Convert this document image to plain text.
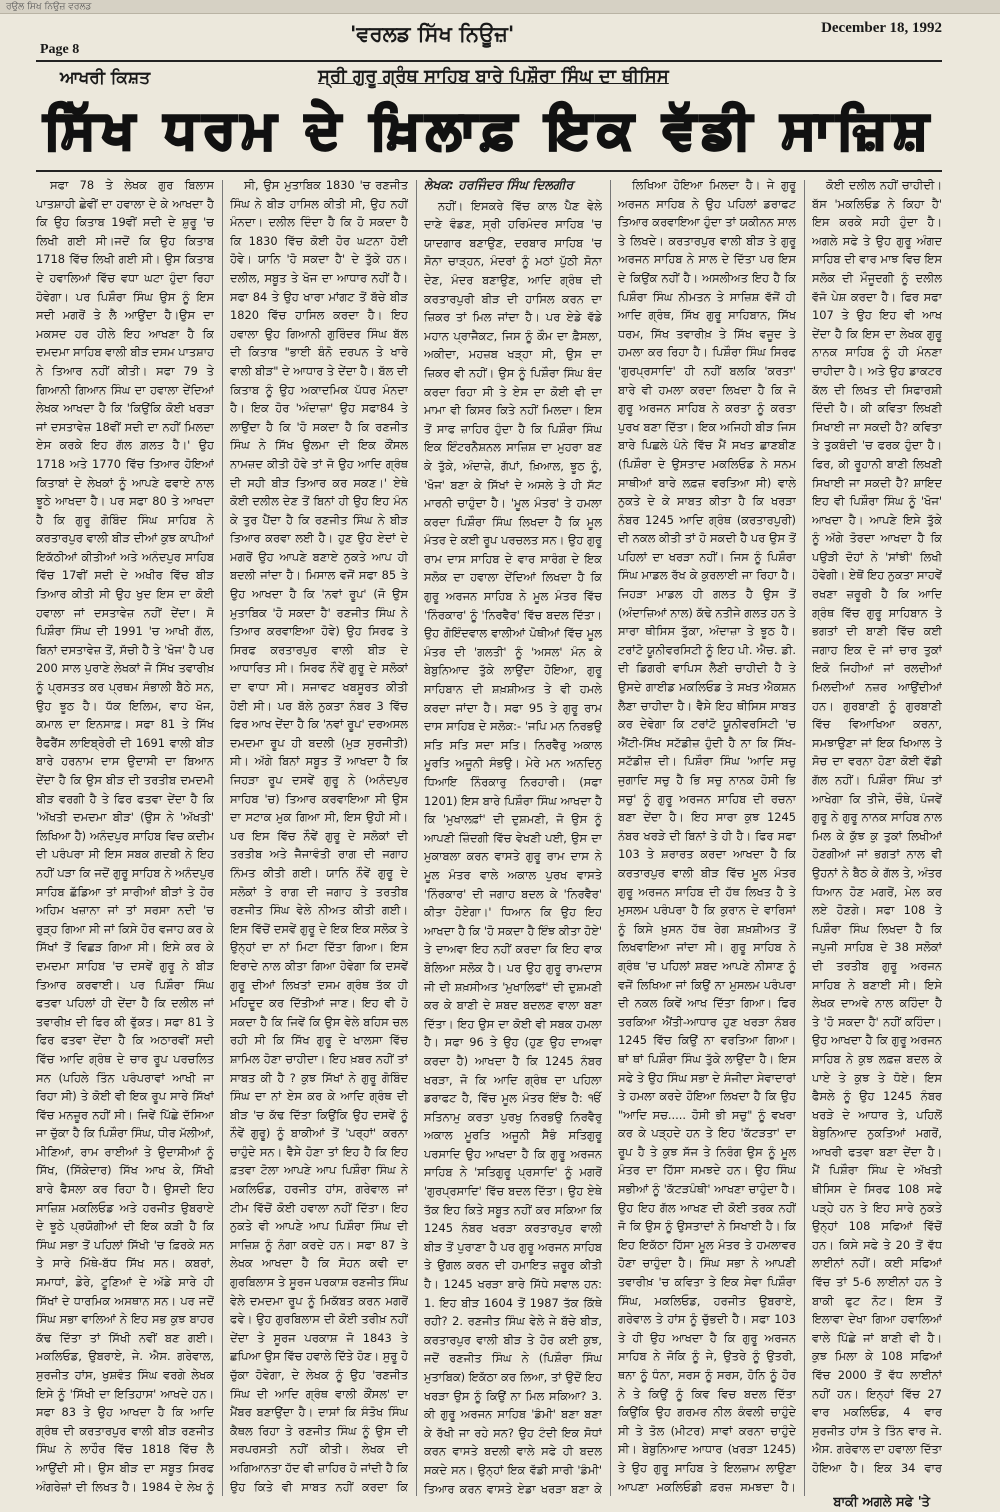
ਰਉਲ ਸਿਖ ਨਿਉਜ਼ ਵਰਲਡ
Page 8
'ਵਰਲਡ ਸਿੱਖ ਨਿਊਜ਼'	December 18, 1992
ਆਖਰੀ ਕਿਸ਼ਤ	ਸ੍ਰੀ ਗੁਰੂ ਗ੍ਰੰਥ ਸਾਹਿਬ ਬਾਰੇ ਪਿਸ਼ੌਰਾ ਸਿੰਘ ਦਾ ਥੀਸਿਸ
ਸਿੱਖ ਧਰਮ ਦੇ ਖ਼ਿਲਾਫ਼ ਇਕ ਵੱਡੀ ਸਾਜ਼ਿਸ਼

ਸਫਾ 78 ਤੇ ਲੇਖਕ ਗੁਰ ਬਿਲਾਸ ਪਾਤਸ਼ਾਹੀ ਛੇਵੀਂ ਦਾ ਹਵਾਲਾ ਦੇ ਕੇ ਆਖਦਾ ਹੈ ਕਿ ਉਹ ਕਿਤਾਬ 19ਵੀਂ ਸਦੀ ਦੇ ਸ਼ੁਰੂ 'ਚ ਲਿਖੀ ਗਈ ਸੀ।ਜਦੋਂ ਕਿ ਉਹ ਕਿਤਾਬ 1718 ਵਿੱਚ ਲਿਖੀ ਗਈ ਸੀ। ਉਸ ਕਿਤਾਬ ਦੇ ਹਵਾਲਿਆਂ ਵਿੱਚ ਵਧਾ ਘਟਾ ਹੁੰਦਾ ਰਿਹਾ ਹੋਵੇਗਾ। ਪਰ ਪਿਸ਼ੌਰਾ ਸਿੰਘ ਉਸ ਨੂੰ ਇਸ ਸਦੀ ਮਗਰੋਂ ਤੇ ਲੈ ਆਉਂਦਾ ਹੈ।ਉਸ ਦਾ ਮਕਸਦ ਹਰ ਹੀਲੇ ਇਹ ਆਖਣਾ ਹੈ ਕਿ ਦਮਦਮਾ ਸਾਹਿਬ ਵਾਲੀ ਬੀੜ ਦਸਮ ਪਾਤਸ਼ਾਹ ਨੇ ਤਿਆਰ ਨਹੀਂ ਕੀਤੀ। ਸਫਾ 79 ਤੇ ਗਿਆਨੀ ਗਿਆਨ ਸਿੰਘ ਦਾ ਹਵਾਲਾ ਦੇਂਦਿਆਂ ਲੇਖਕ ਆਖਦਾ ਹੈ ਕਿ 'ਕਿਉਂਕਿ ਕੋਈ ਖਰੜਾ ਜਾਂ ਦਸਤਾਵੇਜ਼ 18ਵੀਂ ਸਦੀ ਦਾ ਨਹੀਂ ਮਿਲਦਾ ਏਸ ਕਰਕੇ ਇਹ ਗੱਲ ਗ਼ਲਤ ਹੈ।' ਉਹ 1718 ਅਤੇ 1770 ਵਿੱਚ ਤਿਆਰ ਹੋਇਆਂ ਕਿਤਾਬਾਂ ਦੇ ਲੇਖਕਾਂ ਨੂੰ ਆਪਣੇ ਫਵਾਏ ਨਾਲ ਝੂਠੇ ਆਖਦਾ ਹੈ। ਪਰ ਸਫਾ 80 ਤੇ ਆਖਦਾ ਹੈ ਕਿ ਗੁਰੂ ਗੋਬਿੰਦ ਸਿੰਘ ਸਾਹਿਬ ਨੇ ਕਰਤਾਰਪੁਰ ਵਾਲੀ ਬੀੜ ਦੀਆਂ ਕੁਝ ਕਾਪੀਆਂ ਇਕੱਠੀਆਂ ਕੀਤੀਆਂ ਅਤੇ ਅਨੰਦਪੁਰ ਸਾਹਿਬ ਵਿੱਚ 17ਵੀਂ ਸਦੀ ਦੇ ਅਖੀਰ ਵਿੱਚ ਬੀੜ ਤਿਆਰ ਕੀਤੀ ਸੀ ਉਹ ਖੁਦ ਇਸ ਦਾ ਕੋਈ ਹਵਾਲਾ ਜਾਂ ਦਸਤਾਵੇਜ਼ ਨਹੀਂ ਦੇਂਦਾ। ਸੋ ਪਿਸ਼ੌਰਾ ਸਿੰਘ ਦੀ 1991 'ਚ ਆਖੀ ਗੱਲ, ਬਿਨਾਂ ਦਸਤਾਵੇਜ਼ ਤੋਂ, ਸੱਚੀ ਹੈ ਤੇ 'ਖੋਜ' ਹੈ ਪਰ 200 ਸਾਲ ਪੁਰਾਣੇ ਲੇਖਕਾਂ ਜੋ ਸਿੱਖ ਤਵਾਰੀਖ਼ ਨੂੰ ਪ੍ਰਸਤਤ ਕਰ ਪ੍ਰਥਮ ਸੰਭਾਲੀ ਬੈਠੇ ਸਨ, ਉਹ ਝੂਠ ਹੈ। ਧੱਕ ਇਲਿਮ, ਵਾਹ ਖੋਜ, ਕਮਾਲ ਦਾ ਇਨਸਾਫ਼। ਸਫਾ 81 ਤੇ ਸਿੱਖ ਰੈਫਰੈਂਸ ਲਾਇਬ੍ਰੇਰੀ ਦੀ 1691 ਵਾਲੀ ਬੀੜ ਬਾਰੇ ਹਰਨਾਮ ਦਾਸ ਉਦਾਸੀ ਦਾ ਬਿਆਨ ਦੇਂਦਾ ਹੈ ਕਿ ਉਸ ਬੀੜ ਦੀ ਤਰਤੀਬ ਦਮਦਮੀ ਬੀੜ ਵਰਗੀ ਹੈ ਤੇ ਫਿਰ ਫਤਵਾ ਦੇਂਦਾ ਹੈ ਕਿ 'ਅੱਖਤੀ ਦਮਦਮਾ ਬੀੜ' (ਉਸ ਨੇ 'ਅੱਖਤੀ' ਲਿਖਿਆ ਹੈ) ਅਨੰਦਪੁਰ ਸਾਹਿਬ ਵਿਚ ਕਦੀਮ ਦੀ ਪਰੰਪਰਾ ਸੀ ਇਸ ਸਬਕ ਗਦਬੀ ਨੇ ਇਹ ਨਹੀਂ ਪੜਾ ਕਿ ਜਦੋਂ ਗੁਰੂ ਸਾਹਿਬ ਨੇ ਅਨੰਦਪੁਰ ਸਾਹਿਬ ਛੱਡਿਆ ਤਾਂ ਸਾਰੀਆਂ ਬੀੜਾਂ ਤੇ ਹੋਰ ਅਹਿਮ ਖਜ਼ਾਨਾ ਜਾਂ ਤਾਂ ਸਰਸਾ ਨਦੀ 'ਚ ਰੁੜ੍ਹ ਗਿਆ ਸੀ ਜਾਂ ਕਿਸੇ ਹੋਰ ਵਜਾਹ ਕਰ ਕੇ ਸਿੱਖਾਂ ਤੋਂ ਵਿਛੜ ਗਿਆ ਸੀ। ਇਸੇ ਕਰ ਕੇ ਦਮਦਮਾ ਸਾਹਿਬ 'ਚ ਦਸਵੇਂ ਗੁਰੂ ਨੇ ਬੀੜ ਤਿਆਰ ਕਰਵਾਈ। ਪਰ ਪਿਸ਼ੌਰਾ ਸਿੰਘ ਫਤਵਾ ਪਹਿਲਾਂ ਹੀ ਦੇਂਦਾ ਹੈ ਕਿ ਦਲੀਲ ਜਾਂ ਤਵਾਰੀਖ਼ ਦੀ ਫਿਰ ਕੀ ਵੁੱਕਤ। ਸਫਾ 81 ਤੇ ਫਿਰ ਫਤਵਾ ਦੇਂਦਾ ਹੈ ਕਿ ਅਠਾਰਵੀਂ ਸਦੀ ਵਿੱਚ ਆਦਿ ਗ੍ਰੰਥ ਦੇ ਚਾਰ ਰੂਪ ਪਰਚਲਿਤ ਸਨ (ਪਹਿਲੇ ਤਿੰਨ ਪਰੰਪਰਾਵਾਂ ਆਖੀ ਜਾ ਰਿਹਾ ਸੀ) ਤੇ ਕੋਈ ਵੀ ਇਕ ਰੂਪ ਸਾਰੇ ਸਿੱਖਾਂ ਵਿੱਚ ਮਨਜ਼ੂਰ ਨਹੀਂ ਸੀ। ਜਿਵੇਂ ਪਿੱਛੇ ਦੱਸਿਆ ਜਾ ਚੁੱਕਾ ਹੈ ਕਿ ਪਿਸ਼ੌਰਾ ਸਿੰਘ, ਧੀਰ ਮੱਲੀਆਂ, ਮੀਣਿਆਂ, ਰਾਮ ਰਾਈਆਂ ਤੇ ਉਦਾਸੀਆਂ ਨੂੰ ਸਿੱਖ, (ਸਿੱਕੇਦਾਰ) ਸਿੱਖ ਆਖ ਕੇ, ਸਿੱਖੀ ਬਾਰੇ ਫੈਸਲਾ ਕਰ ਰਿਹਾ ਹੈ। ਉਸਦੀ ਇਹ ਸਾਜ਼ਿਸ਼ ਮਕਲਿਓਡ ਅਤੇ ਹਰਜੀਤ ਉਬਰਾਏ ਦੇ ਝੂਠੇ ਪ੍ਰਯੋਗੀਆਂ ਦੀ ਇਕ ਕੜੀ ਹੈ ਕਿ ਸਿੰਘ ਸਭਾ ਤੋਂ ਪਹਿਲਾਂ ਸਿੱਖੀ 'ਚ ਫ਼ਿਰਕੇ ਸਨ ਤੇ ਸਾਰੇ ਮਿੱਥੇ-ਬੱਧ ਸਿੱਖ ਸਨ। ਕਬਰਾਂ, ਸਮਾਧਾਂ, ਡੇਰੇ, ਟੂਣਿਆਂ ਦੇ ਅੱਡੇ ਸਾਰੇ ਹੀ ਸਿੱਖਾਂ ਦੇ ਧਾਰਮਿਕ ਅਸਥਾਨ ਸਨ। ਪਰ ਜਦੋਂ ਸਿੰਘ ਸਭਾ ਵਾਲਿਆਂ ਨੇ ਇਹ ਸਭ ਕੁਝ ਬਾਹਰ ਕੱਢ ਦਿੱਤਾ ਤਾਂ ਸਿੱਖੀ ਨਵੀਂ ਬਣ ਗਈ। ਮਕਲਿਓਡ, ਉਬਰਾਏ, ਜੇ. ਐਸ. ਗਰੇਵਾਲ, ਸੁਰਜੀਤ ਹਾਂਸ, ਖੁਸ਼ਵੰਤ ਸਿੰਘ ਵਰਗੇ ਲੇਖਕ ਇਸੇ ਨੂੰ 'ਸਿੱਖੀ ਦਾ ਇਤਿਹਾਸ' ਆਖਦੇ ਹਨ। ਸਫਾ 83 ਤੇ ਉਹ ਆਖਦਾ ਹੈ ਕਿ ਆਦਿ ਗ੍ਰੰਥ ਦੀ ਕਰਤਾਰਪੁਰ ਵਾਲੀ ਬੀੜ ਰਣਜੀਤ ਸਿੰਘ ਨੇ ਲਾਹੌਰ ਵਿੱਚ 1818 ਵਿੱਚ ਲੈ ਆਉਂਦੀ ਸੀ। ਉਸ ਬੀੜ ਦਾ ਸਬੂਤ ਸਿਰਫ ਅੰਗਰੇਜ਼ਾਂ ਦੀ ਲਿਖਤ ਹੈ। 1984 ਦੇ ਲੇਖ ਨੂੰ

ਸੀ, ਉਸ ਮੁਤਾਬਿਕ 1830 'ਚ ਰਣਜੀਤ ਸਿੰਘ ਨੇ ਬੀੜ ਹਾਸਿਲ ਕੀਤੀ ਸੀ, ਉਹ ਨਹੀਂ ਮੰਨਦਾ। ਦਲੀਲ ਦਿੰਦਾ ਹੈ ਕਿ ਹੋ ਸਕਦਾ ਹੈ ਕਿ 1830 ਵਿੱਚ ਕੋਈ ਹੋਰ ਘਟਨਾ ਹੋਈ ਹੋਵੇ। ਯਾਨਿ 'ਹੋ ਸਕਦਾ ਹੈ' ਦੇ ਤੁੱਕੇ ਹਨ। ਦਲੀਲ, ਸਬੂਤ ਤੇ ਖੋਜ ਦਾ ਆਧਾਰ ਨਹੀਂ ਹੈ। ਸਫਾ 84 ਤੇ ਉਹ ਖਾਰਾ ਮਾਂਗਟ ਤੋਂ ਬੱਚੇ ਬੀੜ 1820 ਵਿੱਚ ਹਾਸਿਲ ਕਰਦਾ ਹੈ। ਇਹ ਹਵਾਲਾ ਉਹ ਗਿਆਨੀ ਗੁਰਿੰਦਰ ਸਿੰਘ ਬੱਲ ਦੀ ਕਿਤਾਬ "ਭਾਈ ਬੰਨੋ ਦਰਪਨ ਤੇ ਖਾਰੇ ਵਾਲੀ ਬੀੜ" ਦੇ ਆਧਾਰ ਤੇ ਦੇਂਦਾ ਹੈ। ਬੱਲ ਦੀ ਕਿਤਾਬ ਨੂੰ ਉਹ ਅਕਾਦਮਿਕ ਪੱਧਰ ਮੰਨਦਾ ਹੈ। ਇਕ ਹੋਰ 'ਅੰਦਾਜ਼ਾ' ਉਹ ਸਫਾ84 ਤੇ ਲਾਉਂਦਾ ਹੈ ਕਿ 'ਹੋ ਸਕਦਾ ਹੈ ਕਿ ਰਣਜੀਤ ਸਿੰਘ ਨੇ ਸਿੱਖ ਉਲਮਾ ਦੀ ਇਕ ਕੌਂਸਲ ਨਾਮਜ਼ਦ ਕੀਤੀ ਹੋਵੇ ਤਾਂ ਜੋ ਉਹ ਆਦਿ ਗ੍ਰੰਥ ਦੀ ਸਹੀ ਬੀੜ ਤਿਆਰ ਕਰ ਸਕਣ।' ਏਥੇ ਕੋਈ ਦਲੀਲ ਦੇਣ ਤੋਂ ਬਿਨਾਂ ਹੀ ਉਹ ਇਹ ਮੰਨ ਕੇ ਤੁਰ ਪੈਂਦਾ ਹੈ ਕਿ ਰਣਜੀਤ ਸਿੰਘ ਨੇ ਬੀੜ ਤਿਆਰ ਕਰਵਾ ਲਈ ਹੈ। ਹੁਣ ਉਹ ਏਦਾਂ ਦੇ ਮਗਰੋਂ ਉਹ ਆਪਣੇ ਬਣਾਏ ਨੁਕਤੇ ਆਪ ਹੀ ਬਦਲੀ ਜਾਂਦਾ ਹੈ। ਮਿਸਾਲ ਵਜੋਂ ਸਫਾ 85 ਤੇ ਉਹ ਆਖਦਾ ਹੈ ਕਿ 'ਨਵਾਂ ਰੂਪ' (ਜੋ ਉਸ ਮੁਤਾਬਿਕ 'ਹੋ ਸਕਦਾ ਹੈ' ਰਣਜੀਤ ਸਿੰਘ ਨੇ ਤਿਆਰ ਕਰਵਾਇਆ ਹੋਵੇ) ਉਹ ਸਿਰਫ ਤੇ ਸਿਰਫ ਕਰਤਾਰਪੁਰ ਵਾਲੀ ਬੀੜ ਦੇ ਆਧਾਰਿਤ ਸੀ। ਸਿਰਫ ਨੌਵੇਂ ਗੁਰੂ ਦੇ ਸਲੋਕਾਂ ਦਾ ਵਾਧਾ ਸੀ। ਸਜਾਵਟ ਖਬਸੂਰਤ ਕੀਤੀ ਹੋਈ ਸੀ। ਪਰ ਬੱਲੇ ਨੁਕਤਾ ਨੰਬਰ 3 ਵਿੱਚ ਫਿਰ ਆਖ ਦੇਂਦਾ ਹੈ ਕਿ 'ਨਵਾਂ ਰੂਪ' ਦਰਅਸਲ ਦਮਦਮਾ ਰੂਪ ਹੀ ਬਦਲੀ (ਮੁੜ ਸੁਰਜੀਤੀ) ਸੀ। ਅੱਗੇ ਬਿਨਾਂ ਸਬੂਤ ਤੋਂ ਆਖਦਾ ਹੈ ਕਿ ਜਿਹੜਾ ਰੂਪ ਦਸਵੇਂ ਗੁਰੂ ਨੇ (ਅਨੰਦਪੁਰ ਸਾਹਿਬ 'ਚ) ਤਿਆਰ ਕਰਵਾਇਆ ਸੀ ਉਸ ਦਾ ਸਟਾਕ ਮੁਕ ਗਿਆ ਸੀ, ਇਸ ਉਹੀ ਸੀ। ਪਰ ਇਸ ਵਿੱਚ ਨੌਵੇਂ ਗੁਰੂ ਦੇ ਸਲੋਕਾਂ ਦੀ ਤਰਤੀਬ ਅਤੇ ਜੈਜਾਵੰਤੀ ਰਾਗ ਦੀ ਜਗਾਹ ਨਿੰਮਤ ਕੀਤੀ ਗਈ। ਯਾਨਿ ਨੌਵੇਂ ਗੁਰੂ ਦੇ ਸਲੋਕਾਂ ਤੇ ਰਾਗ ਦੀ ਜਗਾਹ ਤੇ ਤਰਤੀਬ ਰਣਜੀਤ ਸਿੰਘ ਵੇਲੇ ਨੀਅਤ ਕੀਤੀ ਗਈ। ਇਸ ਵਿੱਚੋਂ ਦਸਵੇਂ ਗੁਰੂ ਦੇ ਇਕ ਇਕ ਸਲੋਕ ਤੇ ਉਨ੍ਹਾਂ ਦਾ ਨਾਂ ਮਿਟਾ ਦਿੱਤਾ ਗਿਆ। ਇਸ ਇਰਾਦੇ ਨਾਲ ਕੀਤਾ ਗਿਆ ਹੋਵੇਗਾ ਕਿ ਦਸਵੇਂ ਗੁਰੂ ਦੀਆਂ ਲਿਖਤਾਂ ਦਸਮ ਗ੍ਰੰਥ ਤੱਕ ਹੀ ਮਹਿਦੂਦ ਕਰ ਦਿੱਤੀਆਂ ਜਾਣ। ਇਹ ਵੀ ਹੋ ਸਕਦਾ ਹੈ ਕਿ ਜਿਵੇਂ ਕਿ ਉਸ ਵੇਲੇ ਬਹਿਸ ਚਲ ਰਹੀ ਸੀ ਕਿ ਸਿੱਖ ਗੁਰੂ ਦੇ ਖਾਲਸਾ ਵਿੱਚ ਸ਼ਾਮਿਲ ਹੋਣਾ ਚਾਹੀਦਾ। ਇਹ ਖ਼ਬਰ ਨਹੀਂ ਤਾਂ ਸਾਬਤ ਕੀ ਹੈ ? ਕੁਝ ਸਿੱਖਾਂ ਨੇ ਗੁਰੂ ਗੋਬਿੰਦ ਸਿੰਘ ਦਾ ਨਾਂ ਏਸ ਕਰ ਕੇ ਆਦਿ ਗ੍ਰੰਥ ਦੀ ਬੀੜ 'ਚ ਕੱਢ ਦਿੱਤਾ ਕਿਉਂਕਿ ਉਹ ਦਸਵੇਂ ਨੂੰ ਨੌਵੇਂ ਗੁਰੂ) ਨੂੰ ਬਾਕੀਆਂ ਤੋਂ 'ਪਰ੍ਹਾਂ' ਕਰਨਾ ਚਾਹੁੰਦੇ ਸਨ। ਵੈਸੇ ਹੋਣਾ ਤਾਂ ਇਹ ਹੈ ਕਿ ਇਹ ਫ਼ਤਵਾ ਟੋਲਾ ਆਪਣੇ ਆਪ ਪਿਸ਼ੌਰਾ ਸਿੰਘ ਨੇ ਮਕਲਿਓਡ, ਹਰਜੀਤ ਹਾਂਸ, ਗਰੇਵਾਲ ਜਾਂ ਟੀਮ ਵਿੱਚੋਂ ਕੋਈ ਹਵਾਲਾ ਨਹੀਂ ਦਿੱਤਾ। ਇਹ ਨੁਕਤੇ ਵੀ ਆਪਣੇ ਆਪ ਪਿਸ਼ੌਰਾ ਸਿੰਘ ਦੀ ਸਾਜ਼ਿਸ਼ ਨੂੰ ਨੰਗਾ ਕਰਦੇ ਹਨ। ਸਫਾ 87 ਤੇ ਲੇਖਕ ਆਖਦਾ ਹੈ ਕਿ ਸੋਹਨ ਕਵੀ ਦਾ ਗੁਰਬਿਲਾਸ ਤੇ ਸੂਰਜ ਪਰਕਾਸ਼ ਰਣਜੀਤ ਸਿੰਘ ਵੇਲੇ ਦਮਦਮਾ ਰੂਪ ਨੂੰ ਮਿਕੱਬਤ ਕਰਨ ਮਗਰੋਂ ਫਵੇ। ਉਹ ਗੁਰਬਿਲਾਸ ਦੀ ਕੋਈ ਤਰੀਖ਼ ਨਹੀਂ ਦੇਂਦਾ ਤੇ ਸੂਰਜ ਪਰਕਾਸ਼ ਜੋ 1843 ਤੇ ਛਪਿਆ ਉਸ ਵਿੱਚ ਹਵਾਲੇ ਦਿੱਤੇ ਹੋਣ। ਸੁਰੂ ਹੋ ਚੁੱਕਾ ਹੋਵੇਗਾ, ਦੇ ਲੇਖਕ ਨੂੰ ਉਹ 'ਰਣਜੀਤ ਸਿੰਘ ਦੀ ਆਦਿ ਗ੍ਰੰਥ ਵਾਲੀ ਕੌਂਸਲ' ਦਾ ਮੈਂਬਰ ਬਣਾਉਂਦਾ ਹੈ। ਦਾਸਾਂ ਕਿ ਸੰਤੋਖ ਸਿੰਘ ਕੈਥਲ ਰਿਹਾ ਤੇ ਰਣਜੀਤ ਸਿੰਘ ਨੂੰ ਉਸ ਦੀ ਸਰਪਰਸਤੀ ਨਹੀਂ ਕੀਤੀ। ਲੇਖਕ ਦੀ ਅਗਿਆਨਤਾ ਹੱਦ ਵੀ ਜ਼ਾਹਿਰ ਹੋ ਜਾਂਦੀ ਹੈ ਕਿ ਉਹ ਕਿਤੇ ਵੀ ਸਾਬਤ ਨਹੀਂ ਕਰਦਾ ਕਿ

ਲੇਖਕ: ਹਰਜਿੰਦਰ ਸਿੰਘ ਦਿਲਗੀਰ

ਨਹੀਂ। ਇਸਕਰੇ ਵਿੱਚ ਕਾਲ ਪੈਣ ਵੇਲੇ ਦਾਣੇ ਵੰਡਣ, ਸ੍ਰੀ ਹਰਿਮੰਦਰ ਸਾਹਿਬ 'ਚ ਯਾਦਗਾਰ ਬਣਾਉਣ, ਦਰਬਾਰ ਸਾਹਿਬ 'ਚ ਸੋਨਾ ਚਾੜ੍ਹਨ, ਮੰਦਰਾਂ ਨੂੰ ਮਠਾਂ ਪੁੱਠੀ ਸੋਨਾ ਦੇਣ, ਮੰਦਰ ਬਣਾਉਣ, ਆਦਿ ਗ੍ਰੰਥ ਦੀ ਕਰਤਾਰਪੁਰੀ ਬੀੜ ਦੀ ਹਾਸਿਲ ਕਰਨ ਦਾ ਜ਼ਿਕਰ ਤਾਂ ਮਿਲ ਜਾਂਦਾ ਹੈ। ਪਰ ਏਡੇ ਵੱਡੇ ਮਹਾਨ ਪ੍ਰਾਜੈਕਟ, ਜਿਸ ਨੂੰ ਕੌਮ ਦਾ ਫ਼ੈਸਲਾ, ਅਕੀਦਾ, ਮਹਜ਼ਬ ਖੜ੍ਹਾ ਸੀ, ਉਸ ਦਾ ਜ਼ਿਕਰ ਵੀ ਨਹੀਂ। ਉਸ ਨੂੰ ਪਿਸ਼ੌਰਾ ਸਿੰਘ ਬੰਦ ਕਰਦਾ ਰਿਹਾ ਸੀ ਤੇ ਏਸ ਦਾ ਕੋਈ ਵੀ ਦਾ ਮਾਮਾ ਵੀ ਕਿਸਰ ਕਿਤੇ ਨਹੀਂ ਮਿਲਦਾ। ਇਸ ਤੋਂ ਸਾਫ ਜ਼ਾਹਿਰ ਹੁੰਦਾ ਹੈ ਕਿ ਪਿਸ਼ੌਰਾ ਸਿੰਘ ਇਕ ਇੰਟਰਨੈਸ਼ਨਲ ਸਾਜ਼ਿਸ਼ ਦਾ ਮੁਹਰਾ ਬਣ ਕੇ ਤੁੱਕੇ, ਅੰਦਾਜ਼ੇ, ਗੱਪਾਂ, ਖ਼ਿਆਲ, ਝੂਠ ਨੂੰ, 'ਖੋਜ' ਬਣਾ ਕੇ ਸਿੱਖਾਂ ਦੇ ਅਸਲੇ ਤੇ ਹੀ ਸੱਟ ਮਾਰਨੀ ਚਾਹੁੰਦਾ ਹੈ। 'ਮੂਲ ਮੰਤਰ' ਤੇ ਹਮਲਾ ਕਰਦਾ ਪਿਸ਼ੌਰਾ ਸਿੰਘ ਲਿਖਦਾ ਹੈ ਕਿ ਮੂਲ ਮੰਤਰ ਦੇ ਕਈ ਰੂਪ ਪਰਚਲਤ ਸਨ। ਉਹ ਗੁਰੂ ਰਾਮ ਦਾਸ ਸਾਹਿਬ ਦੇ ਵਾਰ ਸਾਰੰਗ ਦੇ ਇਕ ਸਲੋਕ ਦਾ ਹਵਾਲਾ ਦੇਂਦਿਆਂ ਲਿਖਦਾ ਹੈ ਕਿ ਗੁਰੂ ਅਰਜਨ ਸਾਹਿਬ ਨੇ ਮੂਲ ਮੰਤਰ ਵਿੱਚ 'ਨਿੰਰਕਾਰ' ਨੂੰ 'ਨਿਰਵੈਰ' ਵਿੱਚ ਬਦਲ ਦਿੱਤਾ। ਉਹ ਗੋਇੰਦਵਾਲ ਵਾਲੀਆਂ ਪੋਥੀਆਂ ਵਿੱਚ ਮੂਲ ਮੰਤਰ ਦੀ 'ਗਲਤੀ' ਨੂੰ 'ਅਸਲ' ਮੰਨ ਕੇ ਬੇਬੁਨਿਆਦ ਤੁੱਕੇ ਲਾਉਂਦਾ ਹੋਇਆ, ਗੁਰੂ ਸਾਹਿਬਾਨ ਦੀ ਸ਼ਖ਼ਸ਼ੀਅਤ ਤੇ ਵੀ ਹਮਲੇ ਕਰਦਾ ਜਾਂਦਾ ਹੈ। ਸਫਾ 95 ਤੇ ਗੁਰੂ ਰਾਮ ਦਾਸ ਸਾਹਿਬ ਦੇ ਸਲੋਕ:- 'ਜਪਿ ਮਨ ਨਿਰਭਉ ਸਤਿ ਸਤਿ ਸਦਾ ਸਤਿ। ਨਿਰਵੈਰੁ ਅਕਾਲ ਮੂਰਤਿ ਅਜੂਨੀ ਸੰਭਉ। ਮੇਰੇ ਮਨ ਅਨਦਿਨੁ ਧਿਆਇ ਨਿੰਰਕਾਰੁ ਨਿਰਹਾਰੀ। (ਸਫਾ 1201) ਇਸ ਬਾਰੇ ਪਿਸ਼ੌਰਾ ਸਿੰਘ ਆਖਦਾ ਹੈ ਕਿ 'ਮੁਖਾਲਫ਼ਾਂ' ਦੀ ਦੁਸ਼ਮਣੀ, ਜੋ ਉਸ ਨੂੰ ਆਪਣੀ ਜ਼ਿੰਦਗੀ ਵਿੱਚ ਵੇਖਣੀ ਪਈ, ਉਸ ਦਾ ਮੁਕਾਬਲਾ ਕਰਨ ਵਾਸਤੇ ਗੁਰੂ ਰਾਮ ਦਾਸ ਨੇ ਮੂਲ ਮੰਤਰ ਵਾਲੇ ਅਕਾਲ ਪੁਰਖ ਵਾਸਤੇ 'ਨਿੰਰਕਾਰ' ਦੀ ਜਗਾਹ ਬਦਲ ਕੇ 'ਨਿਰਵੈਰ' ਕੀਤਾ ਹੋਏਗਾ।' ਧਿਆਨ ਕਿ ਉਹ ਇਹ ਆਖਦਾ ਹੈ ਕਿ 'ਹੋ ਸਕਦਾ ਹੈ ਇੰਝ ਕੀਤਾ ਹੋਏ' ਤੇ ਦਾਅਵਾ ਇਹ ਨਹੀਂ ਕਰਦਾ ਕਿ ਇਹ ਵਾਕ ਬੋਲਿਆ ਸਲੋਕ ਹੈ। ਪਰ ਉਹ ਗੁਰੂ ਰਾਮਦਾਸ ਜੀ ਦੀ ਸ਼ਖ਼ਸੀਅਤ 'ਮੁਖਾਲਿਫਾਂ' ਦੀ ਦੁਸ਼ਮਣੀ ਕਰ ਕੇ ਬਾਣੀ ਦੇ ਸ਼ਬਦ ਬਦਲਣ ਵਾਲਾ ਬਣਾ ਦਿੱਤਾ। ਇਹ ਉਸ ਦਾ ਕੋਈ ਵੀ ਸਬਕ ਹਮਲਾ ਹੈ। ਸਫਾ 96 ਤੇ ਉਹ (ਹੁਣ ਉਹ ਦਾਅਵਾ ਕਰਦਾ ਹੈ) ਆਖਦਾ ਹੈ ਕਿ 1245 ਨੰਬਰ ਖਰੜਾ, ਜੋ ਕਿ ਆਦਿ ਗ੍ਰੰਥ ਦਾ ਪਹਿਲਾ ਡਰਾਫਟ ਹੈ, ਵਿੱਚ ਮੂਲ ਮੰਤਰ ਇੰਝ ਹੈ: ੴ ਸਤਿਨਾਮੁ ਕਰਤਾ ਪੁਰਖੁ ਨਿਰਭਉ ਨਿਰਵੈਰੁ ਅਕਾਲ ਮੂਰਤਿ ਅਜੂਨੀ ਸੈਭੰ ਸਤਿਗੁਰੂ ਪਰਸਾਦਿ ਉਹ ਆਖਦਾ ਹੈ ਕਿ ਗੁਰੂ ਅਰਜਨ ਸਾਹਿਬ ਨੇ 'ਸਤਿਗੁਰੂ ਪ੍ਰਸਾਦਿ' ਨੂੰ ਮਗਰੋਂ 'ਗੁਰਪ੍ਰਸਾਦਿ' ਵਿੱਚ ਬਦਲ ਦਿੱਤਾ। ਉਹ ਏਥੇ ਤੱਕ ਇਹ ਕਿਤੇ ਸਬੂਤ ਨਹੀਂ ਕਰ ਸਕਿਆ ਕਿ 1245 ਨੰਬਰ ਖਰੜਾ ਕਰਤਾਰਪੁਰ ਵਾਲੀ ਬੀੜ ਤੋਂ ਪੁਰਾਣਾ ਹੈ ਪਰ ਗੁਰੂ ਅਰਜਨ ਸਾਹਿਬ ਤੇ ਉਂਗਲ ਕਰਨ ਦੀ ਹਮਾਇਤ ਜ਼ਰੂਰ ਕੀਤੀ ਹੈ। 1245 ਖਰੜਾ ਬਾਰੇ ਸਿੱਧੇ ਸਵਾਲ ਹਨ: 1. ਇਹ ਬੀੜ 1604 ਤੋਂ 1987 ਤੱਕ ਕਿੱਥੇ ਰਹੀ? 2. ਰਣਜੀਤ ਸਿੰਘ ਵੇਲੇ ਜੇ ਬੱਚੇ ਬੀੜ, ਕਰਤਾਰਪੁਰ ਵਾਲੀ ਬੀੜ ਤੇ ਹੋਰ ਕਈ ਕੁਝ, ਜਦੋਂ ਰਣਜੀਤ ਸਿੰਘ ਨੇ (ਪਿਸ਼ੌਰਾ ਸਿੰਘ ਮੁਤਾਬਿਕ) ਇਕੱਠਾ ਕਰ ਲਿਆ, ਤਾਂ ਉਦੋਂ ਇਹ ਖਰੜਾ ਉਸ ਨੂੰ ਕਿਉਂ ਨਾ ਮਿਲ ਸਕਿਆ? 3. ਕੀ ਗੁਰੂ ਅਰਜਨ ਸਾਹਿਬ 'ਡੰਮੀ' ਬਣਾ ਬਣਾ ਕੇ ਰੱਖੀ ਜਾ ਰਹੇ ਸਨ? ਉਹ ਟੰਦੀ ਇਕ ਸੋਧਾਂ ਕਰਨ ਵਾਸਤੇ ਬਦਲੀ ਵਾਲੇ ਸਫੇ ਹੀ ਬਦਲ ਸਕਦੇ ਸਨ। ਉਨ੍ਹਾਂ ਇਕ ਵੱਡੀ ਸਾਰੀ 'ਡੰਮੀ' ਤਿਆਰ ਕਰਨ ਵਾਸਤੇ ਏਡਾ ਖਰੜਾ ਬਣਾ ਕੇ

ਲਿਖਿਆ ਹੋਇਆ ਮਿਲਦਾ ਹੈ। ਜੇ ਗੁਰੂ ਅਰਜਨ ਸਾਹਿਬ ਨੇ ਉਹ ਪਹਿਲਾਂ ਡਰਾਫਟ ਤਿਆਰ ਕਰਵਾਇਆ ਹੁੰਦਾ ਤਾਂ ਯਕੀਨਨ ਸਾਲ ਤੇ ਲਿਖਦੇ। ਕਰਤਾਰਪੁਰ ਵਾਲੀ ਬੀੜ ਤੇ ਗੁਰੂ ਅਰਜਨ ਸਾਹਿਬ ਨੇ ਸਾਲ ਦੇ ਦਿੱਤਾ ਪਰ ਇਸ ਦੇ ਕਿਉਂਕ ਨਹੀਂ ਹੈ। ਅਸਲੀਅਤ ਇਹ ਹੈ ਕਿ ਪਿਸ਼ੌਰਾ ਸਿੰਘ ਨੀਮਤਨ ਤੇ ਸਾਜ਼ਿਸ਼ ਵੱਜੋਂ ਹੀ ਆਦਿ ਗ੍ਰੰਥ, ਸਿੱਖ ਗੁਰੂ ਸਾਹਿਬਾਨ, ਸਿੱਖ ਧਰਮ, ਸਿੱਖ ਤਵਾਰੀਖ਼ ਤੇ ਸਿੱਖ ਵਜੂਦ ਤੇ ਹਮਲਾ ਕਰ ਰਿਹਾ ਹੈ। ਪਿਸ਼ੌਰਾ ਸਿੰਘ ਸਿਰਫ 'ਗੁਰਪ੍ਰਸਾਦਿ' ਹੀ ਨਹੀਂ ਬਲਕਿ 'ਕਰਤਾ' ਬਾਰੇ ਵੀ ਹਮਲਾ ਕਰਦਾ ਲਿਖਦਾ ਹੈ ਕਿ ਜੋ ਗੁਰੂ ਅਰਜਨ ਸਾਹਿਬ ਨੇ ਕਰਤਾ ਨੂੰ ਕਰਤਾ ਪੁਰਖ ਬਣਾ ਦਿੱਤਾ। ਇਕ ਅਜਿਹੀ ਬੀੜ ਜਿਸ ਬਾਰੇ ਪਿਛਲੇ ਪੰਨੇ ਵਿੱਚ ਮੈਂ ਸਖਤ ਛਾਣਬੀਣ (ਪਿਸ਼ੌਰਾ ਦੇ ਉਸਤਾਦ ਮਕਲਿਓਡ ਨੇ ਸਨਮ ਸਾਥੀਆਂ ਬਾਰੇ ਲਫ਼ਜ਼ ਵਰਤਿਆ ਸੀ) ਵਾਲੇ ਨੁਕਤੇ ਦੇ ਕੇ ਸਾਬਤ ਕੀਤਾ ਹੈ ਕਿ ਖਰੜਾ ਨੰਬਰ 1245 ਆਦਿ ਗ੍ਰੰਥ (ਕਰਤਾਰਪੁਰੀ) ਦੀ ਨਕਲ ਕੀਤੀ ਤਾਂ ਹੋ ਸਕਦੀ ਹੈ ਪਰ ਉਸ ਤੋਂ ਪਹਿਲਾਂ ਦਾ ਖਰੜਾ ਨਹੀਂ। ਜਿਸ ਨੂੰ ਪਿਸ਼ੌਰਾ ਸਿੰਘ ਮਾਡਲ ਰੱਖ ਕੇ ਕੁਰਲਾਈ ਜਾ ਰਿਹਾ ਹੈ। ਜਿਹੜਾ ਮਾਡਲ ਹੀ ਗਲਤ ਹੈ ਉਸ ਤੋਂ (ਅੰਦਾਜ਼ਿਆਂ ਨਾਲ) ਕੱਢੇ ਨਤੀਜੇ ਗਲਤ ਹਨ ਤੇ ਸਾਰਾ ਥੀਸਿਸ ਤੁੱਕਾ, ਅੰਦਾਜ਼ਾ ਤੇ ਝੂਠ ਹੈ। ਟਰਾਂਟੋ ਯੂਨੀਵਰਸਿਟੀ ਨੂੰ ਇਹ ਪੀ. ਐਚ. ਡੀ. ਦੀ ਡਿਗਰੀ ਵਾਪਿਸ ਲੈਣੀ ਚਾਹੀਦੀ ਹੈ ਤੇ ਉਸਦੇ ਗਾਈਡ ਮਕਲਿਓਡ ਤੇ ਸਖਤ ਐਕਸ਼ਨ ਲੈਣਾ ਚਾਹੀਦਾ ਹੈ। ਵੈਸੇ ਇਹ ਥੀਸਿਸ ਸਾਬਤ ਕਰ ਦੇਵੇਗਾ ਕਿ ਟਰਾਂਟੋ ਯੂਨੀਵਰਸਿਟੀ 'ਚ ਐਂਟੀ-ਸਿੱਖ ਸਟੱਡੀਜ਼ ਹੁੰਦੀ ਹੈ ਨਾ ਕਿ ਸਿੱਖ-ਸਟੱਡੀਜ਼ ਦੀ। ਪਿਸ਼ੌਰਾ ਸਿੰਘ 'ਆਦਿ ਸਚੁ ਜੁਗਾਦਿ ਸਚੁ ਹੈ ਭਿ ਸਚੁ ਨਾਨਕ ਹੋਸੀ ਭਿ ਸਚੁ' ਨੂੰ ਗੁਰੂ ਅਰਜਨ ਸਾਹਿਬ ਦੀ ਰਚਨਾ ਬਣਾ ਦੇਂਦਾ ਹੈ। ਇਹ ਸਾਰਾ ਕੁਝ 1245 ਨੰਬਰ ਖਰੜੇ ਦੀ ਬਿਨਾਂ ਤੇ ਹੀ ਹੈ। ਫਿਰ ਸਫਾ 103 ਤੇ ਸ਼ਰਾਰਤ ਕਰਦਾ ਆਖਦਾ ਹੈ ਕਿ ਕਰਤਾਰਪੁਰ ਵਾਲੀ ਬੀੜ ਵਿੱਚ ਮੂਲ ਮੰਤਰ ਗੁਰੂ ਅਰਜਨ ਸਾਹਿਬ ਦੀ ਹੱਥ ਲਿਖਤ ਹੈ ਤੇ ਮੁਸਲਮ ਪਰੰਪਰਾ ਹੈ ਕਿ ਕੁਰਾਨ ਦੇ ਵਾਰਿਸਾਂ ਨੂੰ ਕਿਸੇ ਖ਼ੁਸਨ ਹੱਥ ਰੇਗ ਸ਼ਖ਼ਸ਼ੀਅਤ ਤੋਂ ਲਿਖਵਾਇਆ ਜਾਂਦਾ ਸੀ। ਗੁਰੂ ਸਾਹਿਬ ਨੇ ਗ੍ਰੰਥ 'ਚ ਪਹਿਲਾਂ ਸ਼ਬਦ ਆਪਣੇ ਨੀਸਾਣ ਨੂੰ ਵਜੋਂ ਲਿਖਿਆ ਜਾਂ ਕਿਉਂ ਨਾ ਮੁਸਲਮ ਪਰੰਪਰਾ ਦੀ ਨਕਲ ਕਿਵੇਂ ਆਖ ਦਿੱਤਾ ਗਿਆ। ਫਿਰ ਤਰਕਿਆ ਐਂਤੀ-ਆਧਾਰ ਹੁਣ ਖਰੜਾ ਨੰਬਰ 1245 ਵਿੱਚ ਕਿਉਂ ਨਾ ਵਰਤਿਆ ਗਿਆ। ਥਾਂ ਥਾਂ ਪਿਸ਼ੌਰਾ ਸਿੰਘ ਤੁੱਕੇ ਲਾਉਂਦਾ ਹੈ। ਇਸ ਸਫੇ ਤੇ ਉਹ ਸਿੰਘ ਸਭਾ ਦੇ ਸੰਜੀਦਾ ਸੇਵਾਦਾਰਾਂ ਤੇ ਹਮਲਾ ਕਰਦੇ ਹੋਇਆ ਲਿਖਦਾ ਹੈ ਕਿ ਉਹ "ਆਦਿ ਸਚ..... ਹੋਸੀ ਭੀ ਸਚੁ" ਨੂੰ ਵਖਰਾ ਕਰ ਕੇ ਪੜ੍ਹਦੇ ਹਨ ਤੇ ਇਹ 'ਕੱਟੜਤਾ' ਦਾ ਰੂਪ ਹੈ ਤੇ ਕੁਝ ਸੱਜ ਤੇ ਨਿਰੰਗ ਉਸ ਨੂੰ ਮੂਲ ਮੰਤਰ ਦਾ ਹਿੱਸਾ ਸਮਝਦੇ ਹਨ। ਉਹ ਸਿੰਘ ਸਭੀਆਂ ਨੂੰ 'ਕੱਟੜਪੰਥੀ' ਆਖਣਾ ਚਾਹੁੰਦਾ ਹੈ। ਉਹ ਇਹ ਗੱਲ ਆਖਣ ਦੀ ਕੋਈ ਤਰਕ ਨਹੀਂ ਜੋ ਕਿ ਉਸ ਨੂੰ ਉਸਤਾਦਾਂ ਨੇ ਸਿਖਾਈ ਹੈ। ਕਿ ਇਹ ਇਕੱਠਾ ਹਿੱਸਾ ਮੂਲ ਮੰਤਰ ਤੇ ਹਮਲਾਵਰ ਹੋਣਾ ਚਾਹੁੰਦਾ ਹੈ। ਸਿੰਘ ਸਭਾ ਨੇ ਆਪਣੀ ਤਵਾਰੀਖ਼ 'ਚ ਕਵਿਤਾ ਤੇ ਇਕ ਸੇਵਾ ਪਿਸ਼ੌਰਾ ਸਿੰਘ, ਮਕਲਿਓਡ, ਹਰਜੀਤ ਉਬਰਾਏ, ਗਰੇਵਾਲ ਤੇ ਹਾਂਸ ਨੂੰ ਚੁੱਭਦੀ ਹੈ। ਸਫਾ 103 ਤੇ ਹੀ ਉਹ ਆਖਦਾ ਹੈ ਕਿ ਗੁਰੂ ਅਰਜਨ ਸਾਹਿਬ ਨੇ ਜੋਕਿ ਨੂੰ ਜੇ, ਉਤਰੇ ਨੂੰ ਉਤਰੀ, ਥਨਾ ਨੂੰ ਧੰਨਾ, ਸਰਸ ਨੂੰ ਸਰਸ, ਹੋਨਿ ਨੂੰ ਹੋਰ ਨੇ ਤੇ ਕਿਉਂ ਨੂੰ ਕਿਵ ਵਿਚ ਬਦਲ ਦਿੱਤਾ ਕਿਉਂਕਿ ਉਹ ਗਰਮਰ ਨੀਲ ਕੰਵਲੀ ਚਾਹੁੰਦੇ ਸੀ ਤੇ ਤੋਲ (ਮੀਟਰ) ਸਾਵਾਂ ਕਰਨਾ ਚਾਹੁੰਦੇ ਸੀ। ਬੇਬੁਨਿਆਦ ਆਧਾਰ (ਖਰੜਾ 1245) ਤੇ ਉਹ ਗੁਰੂ ਸਾਹਿਬ ਤੇ ਇਲਜ਼ਾਮ ਲਾਉਣਾ ਆਪਣਾ ਮਕਲਿਓਡੀ ਫ਼ਰਜ਼ ਸਮਝਦਾ ਹੈ।

ਕੋਈ ਦਲੀਲ ਨਹੀਂ ਚਾਹੀਦੀ। ਬੱਸ 'ਮਕਲਿਓਡ ਨੇ ਕਿਹਾ ਹੈ' ਇਸ ਕਰਕੇ ਸਹੀ ਹੁੰਦਾ ਹੈ। ਅਗਲੇ ਸਫੇ ਤੇ ਉਹ ਗੁਰੂ ਅੰਗਦ ਸਾਹਿਬ ਦੀ ਵਾਰ ਮਾਝ ਵਿਚ ਇਸ ਸਲੋਕ ਦੀ ਮੌਜੂਦਗੀ ਨੂੰ ਦਲੀਲ ਵੱਜੋ ਪੇਸ਼ ਕਰਦਾ ਹੈ। ਫਿਰ ਸਫਾ 107 ਤੇ ਉਹ ਇਹ ਵੀ ਆਖ ਦੇਂਦਾ ਹੈ ਕਿ ਇਸ ਦਾ ਲੇਖਕ ਗੁਰੂ ਨਾਨਕ ਸਾਹਿਬ ਨੂੰ ਹੀ ਮੰਨਣਾ ਚਾਹੀਦਾ ਹੈ। ਅਤੇ ਉਹ ਡਾਕਟਰ ਕੱਲ ਦੀ ਲਿਖਤ ਦੀ ਸਿਫਾਰਸ਼ੀ ਦਿੰਦੀ ਹੈ। ਕੀ ਕਵਿਤਾ ਲਿਖਣੀ ਸਿਖਾਈ ਜਾ ਸਕਦੀ ਹੈ? ਕਵਿਤਾ ਤੇ ਤੁਕਬੰਦੀ 'ਚ ਫਰਕ ਹੁੰਦਾ ਹੈ। ਫਿਰ, ਕੀ ਰੂਹਾਨੀ ਬਾਣੀ ਲਿਖਣੀ ਸਿਖਾਈ ਜਾ ਸਕਦੀ ਹੈ? ਸ਼ਾਇਦ ਇਹ ਵੀ ਪਿਸ਼ੌਰਾ ਸਿੰਘ ਨੂੰ 'ਖੋਜ' ਆਖਦਾ ਹੈ। ਆਪਣੇ ਇਸੇ ਤੁੱਕੇ ਨੂੰ ਅੱਗੇ ਤੋਰਦਾ ਆਖਦਾ ਹੈ ਕਿ ਪਉੜੀ ਦੋਹਾਂ ਨੇ 'ਸਾਂਝੀ' ਲਿਖੀ ਹੋਵੇਗੀ। ਏਥੋਂ ਇਹ ਨੁਕਤਾ ਸਾਹਵੇਂ ਰਖਣਾ ਜ਼ਰੂਰੀ ਹੈ ਕਿ ਆਦਿ ਗ੍ਰੰਥ ਵਿੱਚ ਗੁਰੂ ਸਾਹਿਬਾਨ ਤੇ ਭਗਤਾਂ ਦੀ ਬਾਣੀ ਵਿੱਚ ਕਈ ਜਗਾਹ ਇਕ ਦੋ ਜਾਂ ਚਾਰ ਤੁਕਾਂ ਇਕੋ ਜਿਹੀਆਂ ਜਾਂ ਰਲਦੀਆਂ ਮਿਲਦੀਆਂ ਨਜ਼ਰ ਆਉਂਦੀਆਂ ਹਨ। ਗੁਰਬਾਣੀ ਨੂੰ ਗੁਰਬਾਣੀ ਵਿੱਚ ਵਿਆਖਿਆ ਕਰਨਾ, ਸਮਝਾਉਣਾ ਜਾਂ ਇਕ ਖਿਆਲ ਤੇ ਸੋਚ ਦਾ ਵਰਨਾ ਹੋਣਾ ਕੋਈ ਵੱਡੀ ਗੱਲ ਨਹੀਂ। ਪਿਸ਼ੌਰਾ ਸਿੰਘ ਤਾਂ ਆਖੇਗਾ ਕਿ ਤੀਜੇ, ਚੌਥੇ, ਪੰਜਵੇਂ ਗੁਰੂ ਨੇ ਗੁਰੂ ਨਾਨਕ ਸਾਹਿਬ ਨਾਲ ਮਿਲ ਕੇ ਕੁੱਝ ਕੁ ਤੁਕਾਂ ਲਿਖੀਆਂ ਹੋਣਗੀਆਂ ਜਾਂ ਭਗਤਾਂ ਨਾਲ ਵੀ ਉਹਨਾਂ ਨੇ ਬੈਠ ਕੇ ਗੱਲ ਤੇ, ਅੰਤਰ ਧਿਆਨ ਹੋਣ ਮਗਰੋਂ, ਮੇਲ ਕਰ ਲਏ ਹੋਣਗੇ। ਸਫਾ 108 ਤੇ ਪਿਸ਼ੌਰਾ ਸਿੰਘ ਲਿਖਦਾ ਹੈ ਕਿ ਜਪੁਜੀ ਸਾਹਿਬ ਦੇ 38 ਸਲੋਕਾਂ ਦੀ ਤਰਤੀਬ ਗੁਰੂ ਅਰਜਨ ਸਾਹਿਬ ਨੇ ਬਣਾਈ ਸੀ। ਇਸੇ ਲੇਖਕ ਦਾਅਵੇ ਨਾਲ ਕਹਿੰਦਾ ਹੈ ਤੇ 'ਹੋ ਸਕਦਾ ਹੈ' ਨਹੀਂ ਕਹਿੰਦਾ। ਉਹ ਆਖਦਾ ਹੈ ਕਿ ਗੁਰੂ ਅਰਜਨ ਸਾਹਿਬ ਨੇ ਕੁਝ ਲਫ਼ਜ਼ ਬਦਲ ਕੇ ਪਾਏ ਤੇ ਕੁਝ ਤੇ ਧੋਏ। ਇਸ ਫੈਸਲੇ ਨੂੰ ਉਹ 1245 ਨੰਬਰ ਖਰੜੇ ਦੇ ਆਧਾਰ ਤੇ, ਪਹਿਲੋਂ ਬੇਬੁਨਿਆਦ ਨੁਕਤਿਆਂ ਮਗਰੋਂ, ਆਖਰੀ ਫਤਵਾ ਬਣਾ ਦੇਂਦਾ ਹੈ। ਮੈਂ ਪਿਸ਼ੌਰਾ ਸਿੰਘ ਦੇ ਅੱਖਤੀ ਥੀਸਿਸ ਦੇ ਸਿਰਫ 108 ਸਫੇ ਪੜ੍ਹੇ ਹਨ ਤੇ ਇਹ ਸਾਰੇ ਨੁਕਤੇ ਉਨ੍ਹਾਂ 108 ਸਫਿਆਂ ਵਿੱਚੋਂ ਹਨ। ਕਿਸੇ ਸਫੇ ਤੇ 20 ਤੋਂ ਵੱਧ ਲਾਈਨਾਂ ਨਹੀਂ। ਕਈ ਸਫਿਆਂ ਵਿੱਚ ਤਾਂ 5-6 ਲਾਈਨਾਂ ਹਨ ਤੇ ਬਾਕੀ ਫੁਟ ਨੋਟ। ਇਸ ਤੋਂ ਇਲਾਵਾ ਦੇਖਾ ਗਿਆ ਹਵਾਲਿਆਂ ਵਾਲੇ ਪਿੱਛੇ ਜਾਂ ਬਾਣੀ ਵੀ ਹੈ। ਕੁਝ ਮਿਲਾ ਕੇ 108 ਸਫਿਆਂ ਵਿੱਚ 2000 ਤੋਂ ਵੱਧ ਲਾਈਨਾਂ ਨਹੀਂ ਹਨ। ਇਨ੍ਹਾਂ ਵਿੱਚ 27 ਵਾਰ ਮਕਲਿਓਡ, 4 ਵਾਰ ਸੁਰਜੀਤ ਹਾਂਸ ਤੇ ਤਿੰਨ ਵਾਰ ਜੇ. ਐਸ. ਗਰੇਵਾਲ ਦਾ ਹਵਾਲਾ ਦਿੱਤਾ ਹੋਇਆ ਹੈ। ਇਕ 34 ਵਾਰ

ਬਾਕੀ ਅਗਲੇ ਸਫੇ 'ਤੇ
